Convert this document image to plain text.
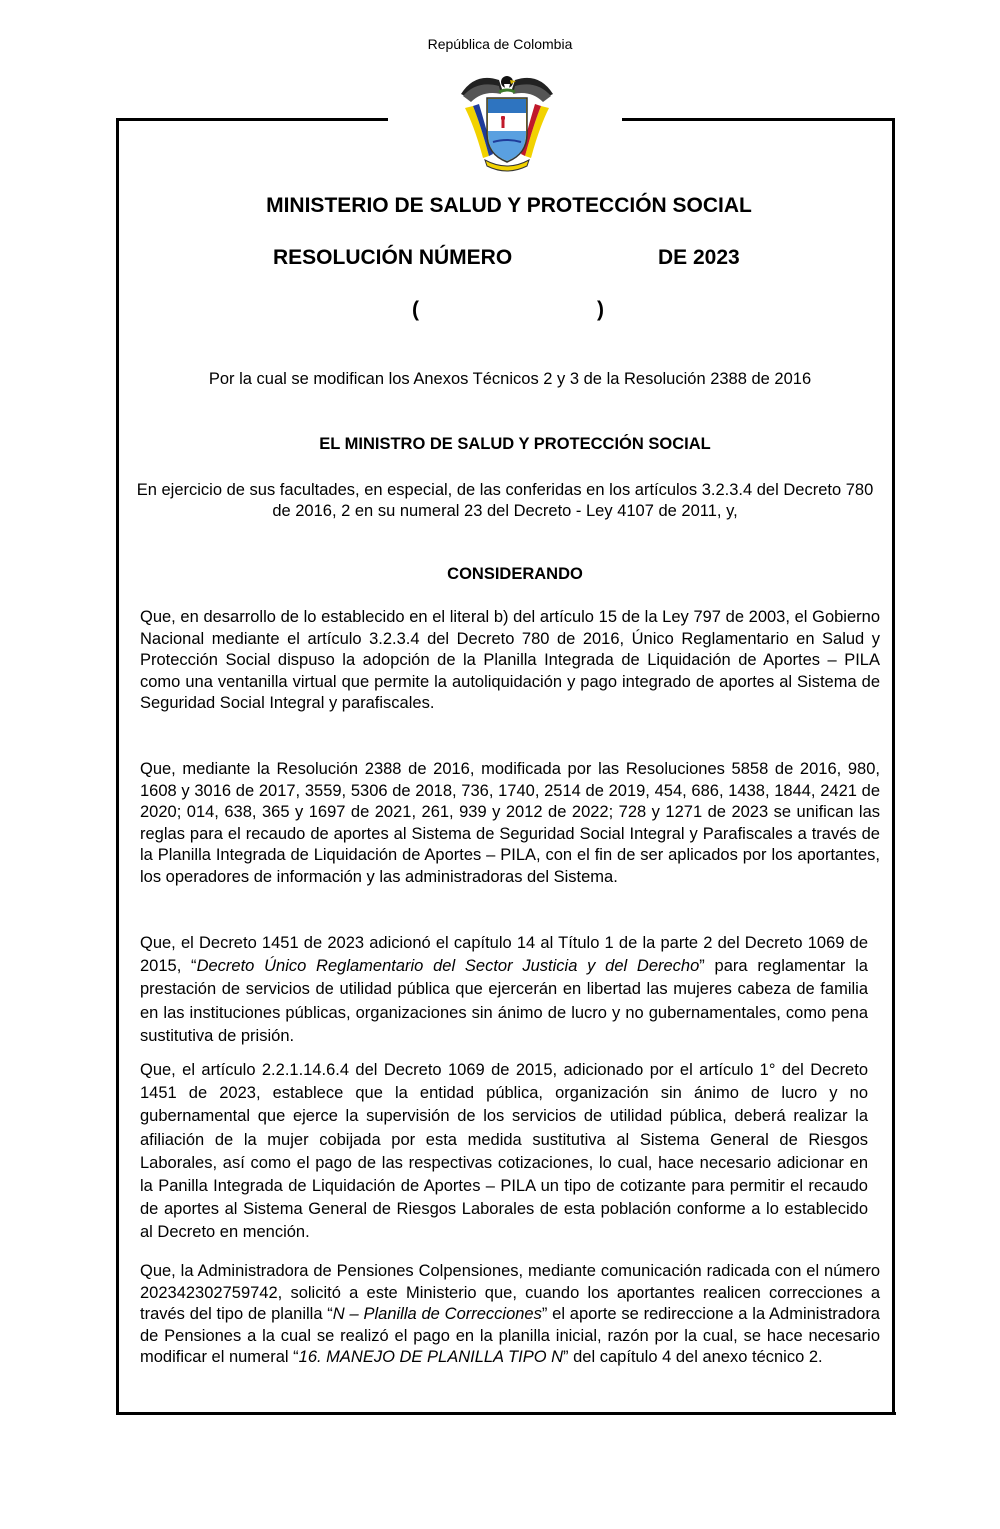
República de Colombia
MINISTERIO DE SALUD Y PROTECCIÓN SOCIAL
RESOLUCIÓN NÚMERO	DE 2023
(	)
Por la cual se modifican los Anexos Técnicos 2 y 3 de la Resolución 2388 de 2016
EL MINISTRO DE SALUD Y PROTECCIÓN SOCIAL
En ejercicio de sus facultades, en especial, de las conferidas en los artículos 3.2.3.4 del Decreto 780 de 2016, 2 en su numeral 23 del Decreto - Ley 4107 de 2011, y,
CONSIDERANDO
Que, en desarrollo de lo establecido en el literal b) del artículo 15 de la Ley 797 de 2003, el Gobierno Nacional mediante el artículo 3.2.3.4 del Decreto 780 de 2016, Único Reglamentario en Salud y Protección Social dispuso la adopción de la Planilla Integrada de Liquidación de Aportes – PILA como una ventanilla virtual que permite la autoliquidación y pago integrado de aportes al Sistema de Seguridad Social Integral y parafiscales.
Que, mediante la Resolución 2388 de 2016, modificada por las Resoluciones 5858 de 2016, 980, 1608 y 3016 de 2017, 3559, 5306 de 2018, 736, 1740, 2514 de 2019, 454, 686, 1438, 1844, 2421 de 2020; 014, 638, 365 y 1697 de 2021, 261, 939 y 2012 de 2022; 728 y 1271 de 2023 se unifican las reglas para el recaudo de aportes al Sistema de Seguridad Social Integral y Parafiscales a través de la Planilla Integrada de Liquidación de Aportes – PILA, con el fin de ser aplicados por los aportantes, los operadores de información y las administradoras del Sistema.
Que, el Decreto 1451 de 2023 adicionó el capítulo 14 al Título 1 de la parte 2 del Decreto 1069 de 2015, “Decreto Único Reglamentario del Sector Justicia y del Derecho” para reglamentar la prestación de servicios de utilidad pública que ejercerán en libertad las mujeres cabeza de familia en las instituciones públicas, organizaciones sin ánimo de lucro y no gubernamentales, como pena sustitutiva de prisión.
Que, el artículo 2.2.1.14.6.4 del Decreto 1069 de 2015, adicionado por el artículo 1° del Decreto 1451 de 2023, establece que la entidad pública, organización sin ánimo de lucro y no gubernamental que ejerce la supervisión de los servicios de utilidad pública, deberá realizar la afiliación de la mujer cobijada por esta medida sustitutiva al Sistema General de Riesgos Laborales, así como el pago de las respectivas cotizaciones, lo cual, hace necesario adicionar en la Panilla Integrada de Liquidación de Aportes – PILA un tipo de cotizante para permitir el recaudo de aportes al Sistema General de Riesgos Laborales de esta población conforme a lo establecido al Decreto en mención.
Que, la Administradora de Pensiones Colpensiones, mediante comunicación radicada con el número 202342302759742, solicitó a este Ministerio que, cuando los aportantes realicen correcciones a través del tipo de planilla “N – Planilla de Correcciones” el aporte se redireccione a la Administradora de Pensiones a la cual se realizó el pago en la planilla inicial, razón por la cual, se hace necesario modificar el numeral “16. MANEJO DE PLANILLA TIPO N” del capítulo 4 del anexo técnico 2.
